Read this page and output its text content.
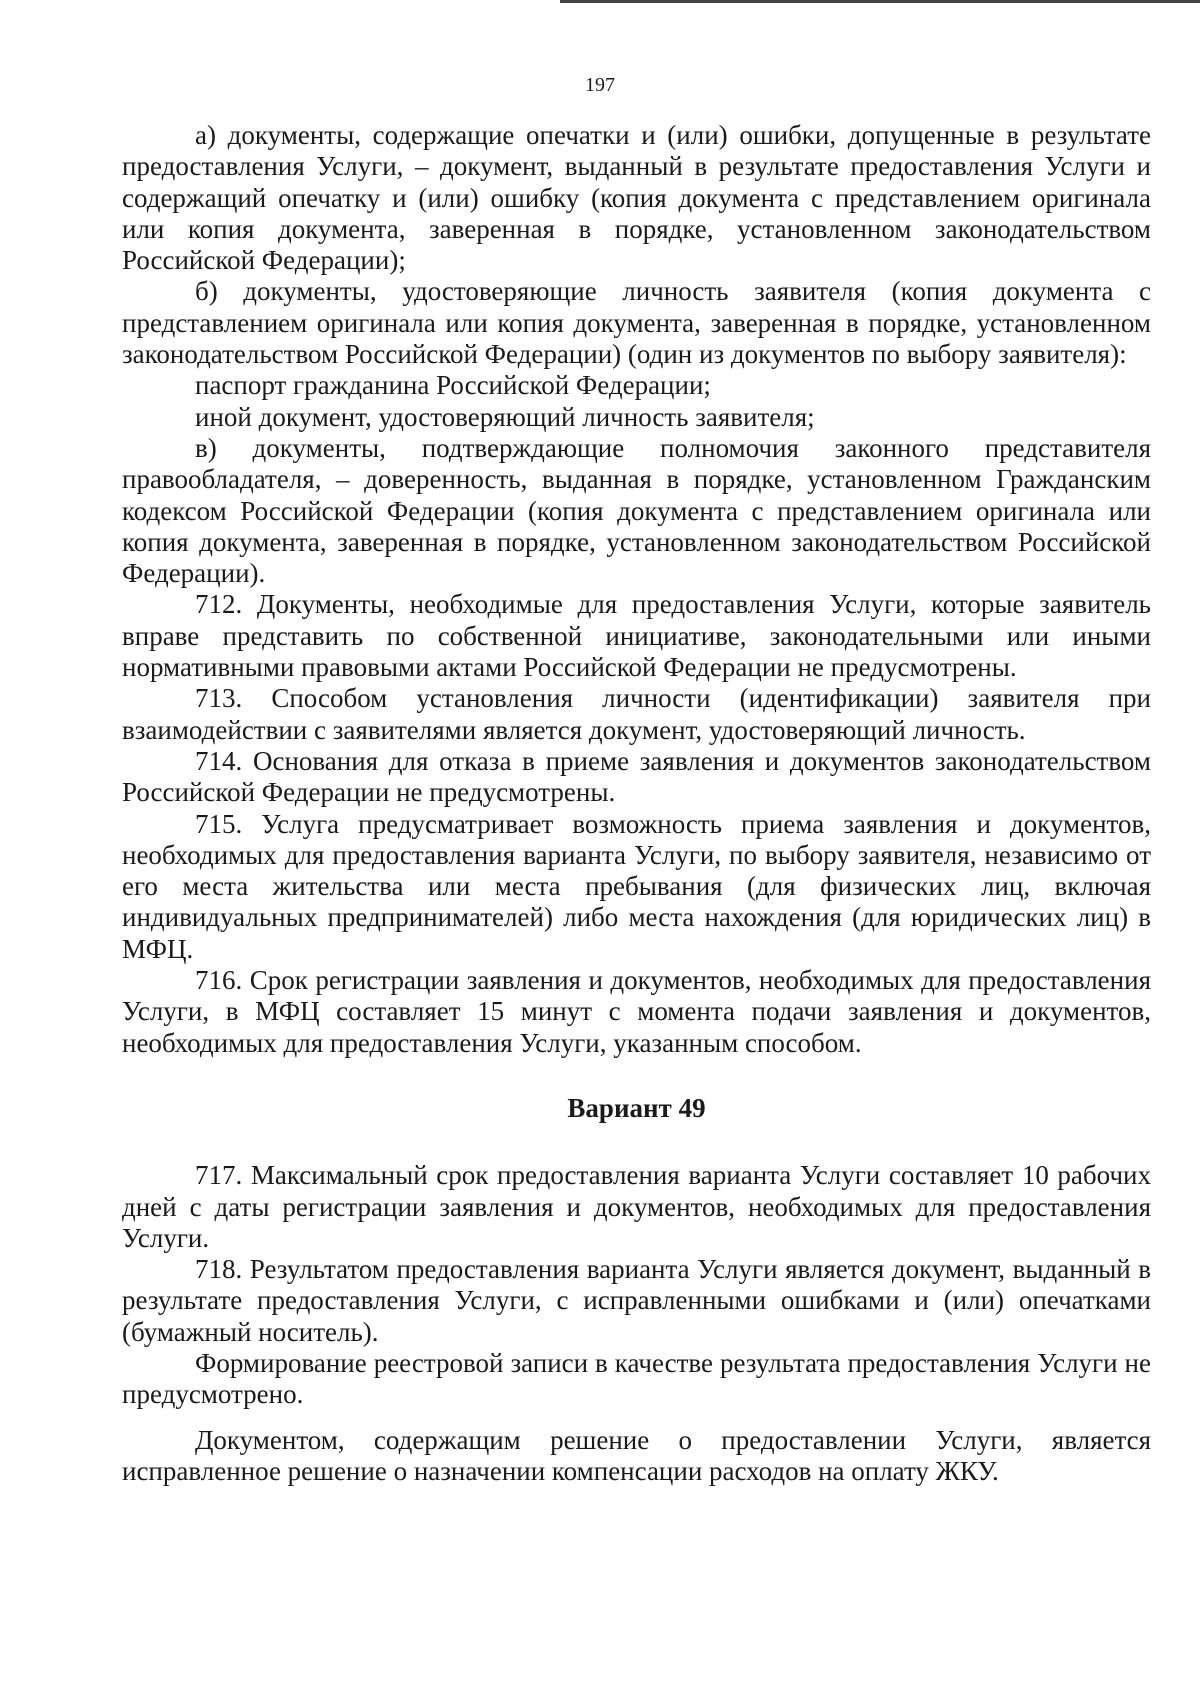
197

а) документы, содержащие опечатки и (или) ошибки, допущенные в результате предоставления Услуги, – документ, выданный в результате предоставления Услуги и содержащий опечатку и (или) ошибку (копия документа с представлением оригинала или копия документа, заверенная в порядке, установленном законодательством Российской Федерации);

б) документы, удостоверяющие личность заявителя (копия документа с представлением оригинала или копия документа, заверенная в порядке, установленном законодательством Российской Федерации) (один из документов по выбору заявителя):

паспорт гражданина Российской Федерации;

иной документ, удостоверяющий личность заявителя;

в) документы, подтверждающие полномочия законного представителя правообладателя, – доверенность, выданная в порядке, установленном Гражданским кодексом Российской Федерации (копия документа с представлением оригинала или копия документа, заверенная в порядке, установленном законодательством Российской Федерации).

712. Документы, необходимые для предоставления Услуги, которые заявитель вправе представить по собственной инициативе, законодательными или иными нормативными правовыми актами Российской Федерации не предусмотрены.

713. Способом установления личности (идентификации) заявителя при взаимодействии с заявителями является документ, удостоверяющий личность.

714. Основания для отказа в приеме заявления и документов законодательством Российской Федерации не предусмотрены.

715. Услуга предусматривает возможность приема заявления и документов, необходимых для предоставления варианта Услуги, по выбору заявителя, независимо от его места жительства или места пребывания (для физических лиц, включая индивидуальных предпринимателей) либо места нахождения (для юридических лиц) в МФЦ.

716. Срок регистрации заявления и документов, необходимых для предоставления Услуги, в МФЦ составляет 15 минут с момента подачи заявления и документов, необходимых для предоставления Услуги, указанным способом.

Вариант 49

717. Максимальный срок предоставления варианта Услуги составляет 10 рабочих дней с даты регистрации заявления и документов, необходимых для предоставления Услуги.

718. Результатом предоставления варианта Услуги является документ, выданный в результате предоставления Услуги, с исправленными ошибками и (или) опечатками (бумажный носитель).

Формирование реестровой записи в качестве результата предоставления Услуги не предусмотрено.

Документом, содержащим решение о предоставлении Услуги, является исправленное решение о назначении компенсации расходов на оплату ЖКУ.
